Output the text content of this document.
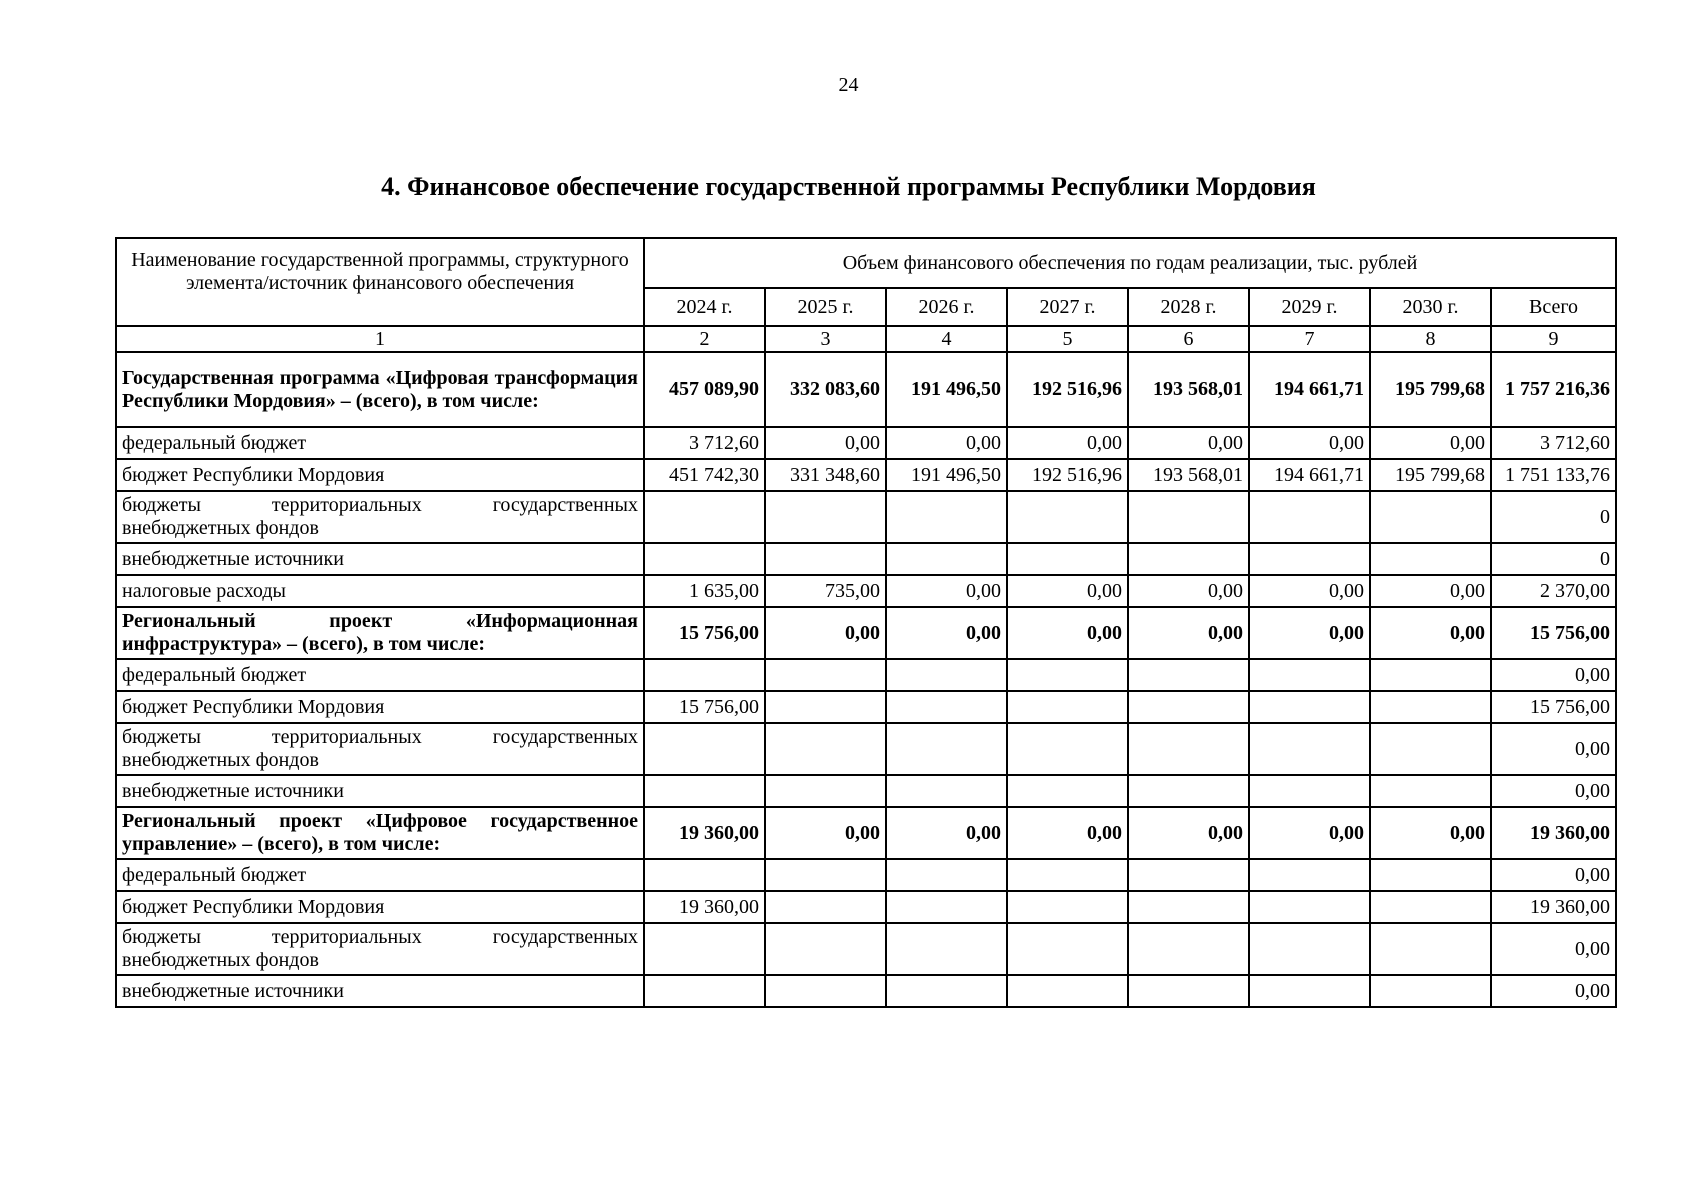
24
4. Финансовое обеспечение государственной программы Республики Мордовия
Наименование государственной программы, структурного элемента/источник финансового обеспечения	Объем финансового обеспечения по годам реализации, тыс. рублей							
	2024 г.	2025 г.	2026 г.	2027 г.	2028 г.	2029 г.	2030 г.	Всего
1	2	3	4	5	6	7	8	9
Государственная программа «Цифровая трансформация Республики Мордовия» – (всего), в том числе:	457 089,90	332 083,60	191 496,50	192 516,96	193 568,01	194 661,71	195 799,68	1 757 216,36
федеральный бюджет	3 712,60	0,00	0,00	0,00	0,00	0,00	0,00	3 712,60
бюджет Республики Мордовия	451 742,30	331 348,60	191 496,50	192 516,96	193 568,01	194 661,71	195 799,68	1 751 133,76
бюджеты территориальных государственных внебюджетных фондов								0
внебюджетные источники								0
налоговые расходы	1 635,00	735,00	0,00	0,00	0,00	0,00	0,00	2 370,00
Региональный проект «Информационная инфраструктура» – (всего), в том числе:	15 756,00	0,00	0,00	0,00	0,00	0,00	0,00	15 756,00
федеральный бюджет								0,00
бюджет Республики Мордовия	15 756,00							15 756,00
бюджеты территориальных государственных внебюджетных фондов								0,00
внебюджетные источники								0,00
Региональный проект «Цифровое государственное управление» – (всего), в том числе:	19 360,00	0,00	0,00	0,00	0,00	0,00	0,00	19 360,00
федеральный бюджет								0,00
бюджет Республики Мордовия	19 360,00							19 360,00
бюджеты территориальных государственных внебюджетных фондов								0,00
внебюджетные источники								0,00
